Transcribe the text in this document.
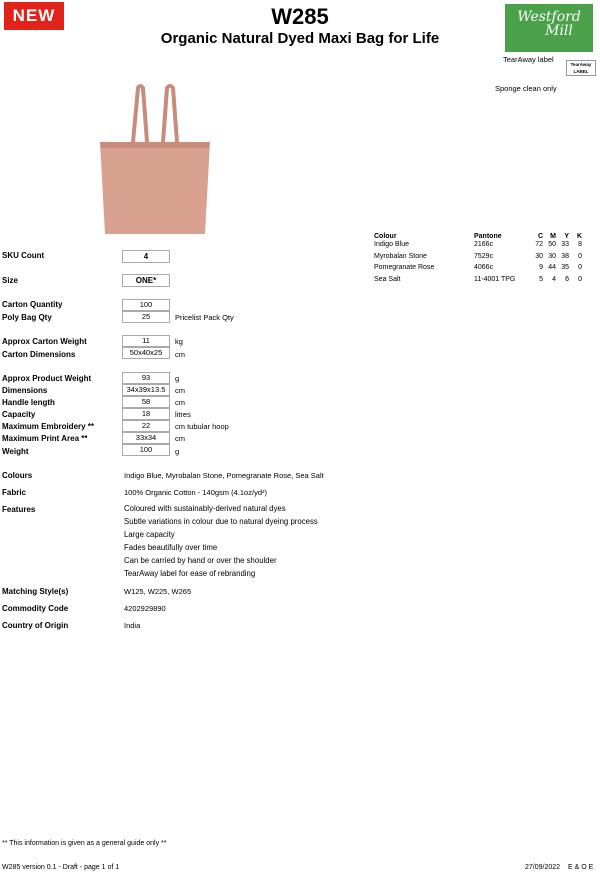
NEW	W285
Organic Natural Dyed Maxi Bag for Life
Westford
Mill
TearAway label
TearAway
LABEL
Sponge clean only
Colour	Pantone	C	M	Y	K
Indigo Blue	2166c	72	50	33	8
Myrobalan Stone	7529c	30	30	38	0
Pomegranate Rose	4066c	9	44	35	0
Sea Salt	11-4001 TPG	5	4	6	0
SKU Count	4
Size	ONE*
Carton Quantity	100
Poly Bag Qty	25	Pricelist Pack Qty
Approx Carton Weight	11	kg
Carton Dimensions	50x40x25	cm
Approx Product Weight	93	g
Dimensions	34x39x13.5	cm
Handle length	58	cm
Capacity	18	litres
Maximum Embroidery **	22	cm tubular hoop
Maximum Print Area **	33x34	cm
Weight	100	g
Colours	Indigo Blue, Myrobalan Stone, Pomegranate Rose, Sea Salt
Fabric	100% Organic Cotton - 140gsm (4.1oz/yd²)
Features	Coloured with sustainably-derived natural dyes
Subtle variations in colour due to natural dyeing process
Large capacity
Fades beautifully over time
Can be carried by hand or over the shoulder
TearAway label for ease of rebranding
Matching Style(s)	W125, W225, W265
Commodity Code	4202929890
Country of Origin	India
** This information is given as a general guide only **
W285 version 0.1 - Draft - page 1 of 1	27/09/2022 E & O E
